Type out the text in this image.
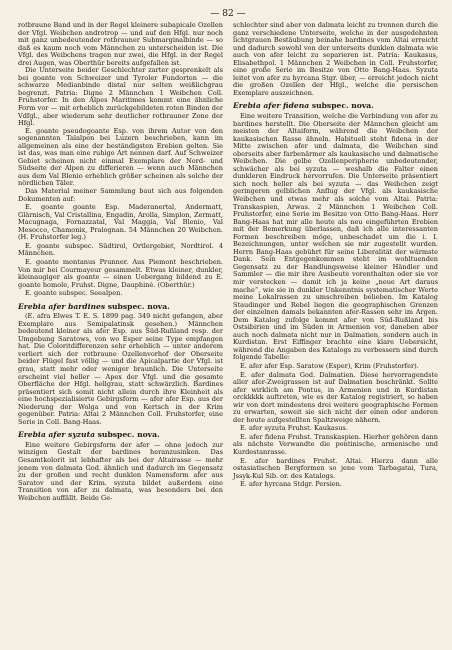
— 82 —

rotbraune Band und in der Regel kleinere subapicale Ozellen der Vfgl. Weibchen androtrop — und auf den Hfgl. nur noch mit ganz unbedeutender rotbrauner Submarginalbinde — so daß es kaum noch vom Männchen zu unterscheiden ist. Die Vfgl. des Weibchens tragen nur zwei, die Hfgl. in der Regel drei Augen, was Oberthür bereits aufgefallen ist.

Die Unterseite beider Geschlechter zarter gesprenkelt als bei goante von Schweizer und Tyroler Fundorten — die schwarze Medianbinde distal nur selten weißlichgrau begrenzt. Patria: Digne 2 Männchen 1 Weibchen Coll. Fruhstorfer. In den Alpes Maritimes kommt eine ähnliche Form vor — mit erheblich zurückgebildeten roten Binden der Vdfgl., aber wiederum sehr deutlicher rotbrauner Zone der Hfgl.

E. goante pseudogoante Esp. von ihrem Autor von den sogenannten Talalpen bei Luzern beschrieben, kann im allgemeinen als eine der beständigsten Erebien gelten. Sie ist das, was man eine ruhige Art nennen darf. Auf Schweizer Gebiet scheinen nicht einmal Exemplare der Nord- und Südseite der Alpen zu differieren — wenn auch Männchen aus dem Val Blenio erheblich größer scheinen als solche der nördlichen Täler.

Das Material meiner Sammlung baut sich aus folgenden Dokumenten auf:

E. goante goante Esp. Maderanertal, Andermatt, Glärnisch, Val Cristallina, Engadin, Arolla, Simplon, Zermatt, Macugnaga, Fornazzatal, Val Maggia, Val Blenio, Val Mesocco, Chamonix, Pralognan. 54 Männchen 20 Weibchen. (H. Fruhstorfer leg.)

E. goante subspec. Südtirol, Ortlergebiet, Nordtirol. 4 Männchen.

E. goante montanus Prunner. Aus Piemont beschrieben. Von mir bei Courmayeur gesammelt. Etwas kleiner, dunkler, kleinaugiger als goante — einen Uebergang bildend zu E. goante homole, Fruhst. Digne, Dauphiné. (Oberthür.)

E. goante subspec. Seealpen.

Erebia afer bardines subspec. nova.

(E. afra Elwes T. E. S. 1899 pag. 349 nicht gefangen, aber Exemplare aus Semipalatinsk gesehen.) Männchen bedeutend kleiner als afer Esp. aus Süd-Rußland resp. der Umgebung Saratows, von wo Esper seine Type empfangen hat. Die Coloritdifferenzen sehr erheblich — unter anderem verliert sich der rotbraune Ozellenvorhof der Oberseite beider Flügel fast völlig — und die Apicalpartie der Vfgl. ist grau, statt mehr oder weniger braunlich. Die Unterseite erscheint viel heller — Apex der Vfgl. und die gesamte Oberfläche der Hfgl. hellgrau, statt schwärzlich. Bardines präsentiert sich somit nicht allein durch ihre Kleinheit als eine hochspezialisierte Gebirgsform — afer afer Esp. aus der Niederung der Wolga und von Kertsch in der Krim gegenüber. Patria: Altai 2 Männchen Coll. Fruhstorfer, eine Serie in Coll. Bang-Haas.

Erebia afer syzuta subspec. nova.

Eine weitere Gebirgsform der afer — ohne jedoch zur winzigen Gestalt der bardines heranzusinken. Das Gesamtkolorit ist lebhafter als bei der Altairasse — mehr jenem von dalmata God. ähnlich und dadurch im Gegensatz zu der großen und recht dunklen Namensform afer aus Saratov und der Krim. syzuta bildet außerdem eine Transition von afer zu dalmata, was besonders bei den Weibchen auffällt. Beide Ge-

schlechter sind aber von dalmata leicht zu trennen durch die ganz verschiedene Unterseite, welche in der ausgedehnten lichtgrauen Bestäubung beinahe bardines vom Altai erreicht und dadurch sowohl von der unterseits dunklen dalmata wie auch von afer leicht zu separieren ist. Patria: Kaukasus, Elisabethpol. 1 Männchen 2 Weibchen in Coll. Fruhstorfer, eine große Serie im Besitze von Otto Bang-Haas. Syzuta leitet von afer zu hyrcana Stgr. über, — erreicht jedoch nicht die großen Ozellen der Hfgl., welche die persischen Exemplare auszeichnen.

Erebia afer fidena subspec. nova.

Eine weitere Transition, welche die Verbindung von afer zu bardines herstellt. Die Oberseite der Männchen gleicht am meisten der Altaiform, während die Weibchen der kaukasischen Rasse ähneln. Habituell steht fidena in der Mitte zwischen afer und dalmata, die Weibchen sind oberseits aber farbenärmer als kaukasische und dalmatische Weibchen. Die gelbe Ozellenperipherie unbedeutender, schwächer als bei syzuta — weshalb die Falter einen dunkleren Eindruck hervorrufen. Die Unterseite präsentiert sich noch heller als bei syzuta — das Weibchen zeigt geringeren gelblichen Anflug der Vfgl. als kaukasische Weibchen und etwas mehr als solche vom Altai. Patria: Transkaspien, Arwas. 2 Männchen 1 Weibchen Coll. Fruhstorfer, eine Serie im Besitze von Otto Bang-Haas. Herr Bang-Haas hat mir alle heute als neu eingeführten Erebien mit der Bemerkung überlassen, daß ich alle interessanten Formen beschreiben möge, unbeschadet um die i. I. Bezeichnungen, unter welchen sie mir zugestellt wurden. Herrn Bang-Haas gebührt für seine Liberalität der wärmste Dank. Sein Entgegenkommen steht im wohltuenden Gegensatz zu der Handlungsweise kleiner Händler und Sammler — die mir ihre Ausbeute vorenthalten oder sie vor mir verstecken — damit ich ja keine „neue Art daraus mache“, wie sie in dunkler Unkenntnis systematischer Werte meine Lokalrassen zu umschreiben belieben. Im Katalog Staudinger und Rebel liegen die geographischen Grenzen der einzelnen damals bekannten afer-Rassen sehr im Argen. Dem Katalog zufolge kommt afer von Süd-Rußland bis Ostsibirien und im Süden in Armenien vor, daneben aber auch noch dalmata nicht nur in Dalmatien, sondern auch in Kurdistan. Erst Eiffinger brachte eine klare Uebersicht, während die Angaben des Katalogs zu verbessern sind durch folgende Tabelle:

E. afer afer Esp. Saratow (Esper), Krim (Fruhstorfer).

E. afer dalmata God. Dalmatien. Diese hervorragendste aller afer-Zweigrassen ist auf Dalmatien beschränkt. Sollte afer wirklich am Pontus, in Armenien und in Kurdistan orckkkkk auftreten, wie es der Katalog registriert, so haben wir von dort mindestens drei weitere geographische Formen zu erwarten, soweit sie sich nicht der einen oder anderen der heute aufgestellten Spaltzweige nähern.

E. afer syzuta Fruhst. Kaukasus.

E. afer fidena Fruhst. Transkaspien. Hierher gehören dann als nächste Verwandte die pontinische, armenische und Kurdestanrasse.

E. afer bardines Fruhst. Altai. Hierzu dann alle ostasiatischen Bergformen so jene vom Tarbagatai, Tura, Jssyk-Kul Sib. or. des Katalogs.

E. afer hyrcana Stdgr. Persien.
